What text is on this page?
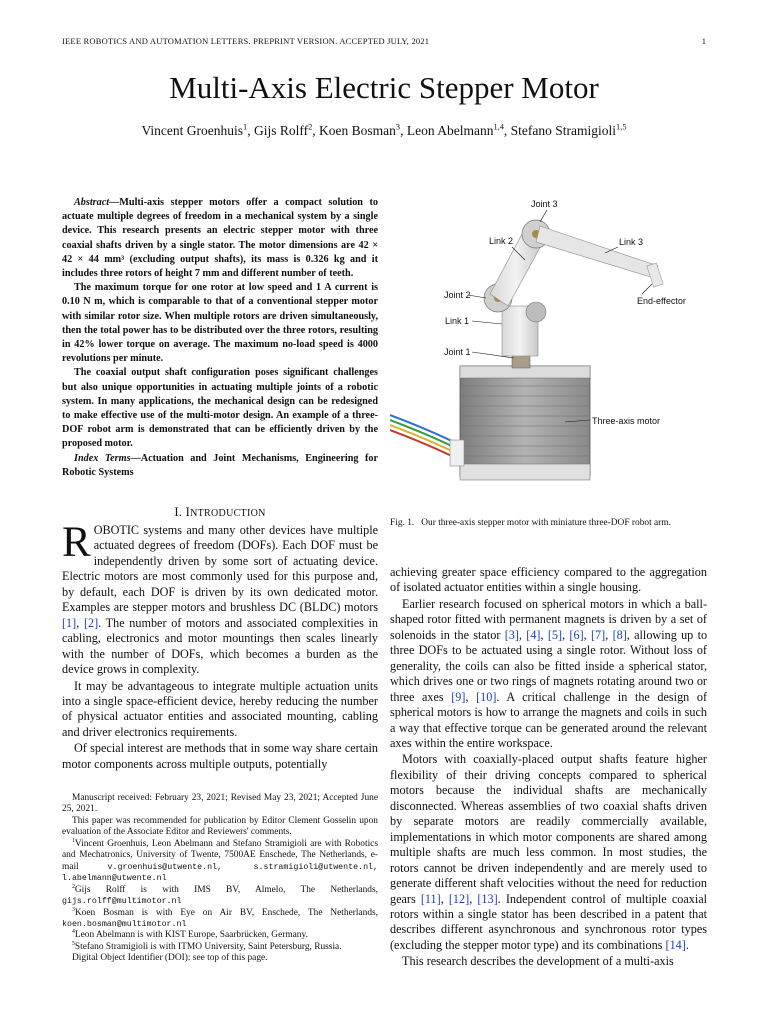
IEEE ROBOTICS AND AUTOMATION LETTERS. PREPRINT VERSION. ACCEPTED JULY, 2021	1
Multi-Axis Electric Stepper Motor
Vincent Groenhuis$^1$, Gijs Rolff$^2$, Koen Bosman$^3$, Leon Abelmann$^{1,4}$, Stefano Stramigioli$^{1,5}$

Abstract—Multi-axis stepper motors offer a compact solution to actuate multiple degrees of freedom in a mechanical system by a single device. This research presents an electric stepper motor with three coaxial shafts driven by a single stator. The motor dimensions are 42 × 42 × 44 mm³ (excluding output shafts), its mass is 0.326 kg and it includes three rotors of height 7 mm and different number of teeth.

The maximum torque for one rotor at low speed and 1 A current is 0.10 N m, which is comparable to that of a conventional stepper motor with similar rotor size. When multiple rotors are driven simultaneously, then the total power has to be distributed over the three rotors, resulting in 42% lower torque on average. The maximum no-load speed is 4000 revolutions per minute.

The coaxial output shaft configuration poses significant challenges but also unique opportunities in actuating multiple joints of a robotic system. In many applications, the mechanical design can be redesigned to make effective use of the multi-motor design. An example of a three-DOF robot arm is demonstrated that can be efficiently driven by the proposed motor.

Index Terms—Actuation and Joint Mechanisms, Engineering for Robotic Systems
I. INTRODUCTION

ROBOTIC systems and many other devices have multiple actuated degrees of freedom (DOFs). Each DOF must be independently driven by some sort of actuating device. Electric motors are most commonly used for this purpose and, by default, each DOF is driven by its own dedicated motor. Examples are stepper motors and brushless DC (BLDC) motors [1], [2]. The number of motors and associated complexities in cabling, electronics and motor mountings then scales linearly with the number of DOFs, which becomes a burden as the device grows in complexity.

It may be advantageous to integrate multiple actuation units into a single space-efficient device, hereby reducing the number of physical actuator entities and associated mounting, cabling and driver electronics requirements.

Of special interest are methods that in some way share certain motor components across multiple outputs, potentially

Manuscript received: February 23, 2021; Revised May 23, 2021; Accepted June 25, 2021.

This paper was recommended for publication by Editor Clement Gosselin upon evaluation of the Associate Editor and Reviewers' comments.

$^1$Vincent Groenhuis, Leon Abelmann and Stefano Stramigioli are with Robotics and Mechatronics, University of Twente, 7500AE Enschede, The Netherlands, e-mail	v.groenhuis@utwente.nl, s.stramigioli@utwente.nl, l.abelmann@utwente.nl

$^2$Gijs Rolff is with IMS BV, Almelo, The Netherlands, gijs.rolff@multimotor.nl

$^3$Koen Bosman is with Eye on Air BV, Enschede, The Netherlands, koen.bosman@multimotor.nl

$^4$Leon Abelmann is with KIST Europe, Saarbrücken, Germany.

$^5$Stefano Stramigioli is with ITMO University, Saint Petersburg, Russia.

Digital Object Identifier (DOI): see top of this page.

Joint 3
Link 2	Link 3
Joint 2
End-effector
Link 1
Joint 1
Three-axis motor
Fig. 1. Our three-axis stepper motor with miniature three-DOF robot arm.

achieving greater space efficiency compared to the aggregation of isolated actuator entities within a single housing.

Earlier research focused on spherical motors in which a ball-shaped rotor fitted with permanent magnets is driven by a set of solenoids in the stator [3], [4], [5], [6], [7], [8], allowing up to three DOFs to be actuated using a single rotor. Without loss of generality, the coils can also be fitted inside a spherical stator, which drives one or two rings of magnets rotating around two or three axes [9], [10]. A critical challenge in the design of spherical motors is how to arrange the magnets and coils in such a way that effective torque can be generated around the relevant axes within the entire workspace.

Motors with coaxially-placed output shafts feature higher flexibility of their driving concepts compared to spherical motors because the individual shafts are mechanically disconnected. Whereas assemblies of two coaxial shafts driven by separate motors are readily commercially available, implementations in which motor components are shared among multiple shafts are much less common. In most studies, the rotors cannot be driven independently and are merely used to generate different shaft velocities without the need for reduction gears [11], [12], [13]. Independent control of multiple coaxial rotors within a single stator has been described in a patent that describes different asynchronous and synchronous rotor types (excluding the stepper motor type) and its combinations [14].

This research describes the development of a multi-axis
